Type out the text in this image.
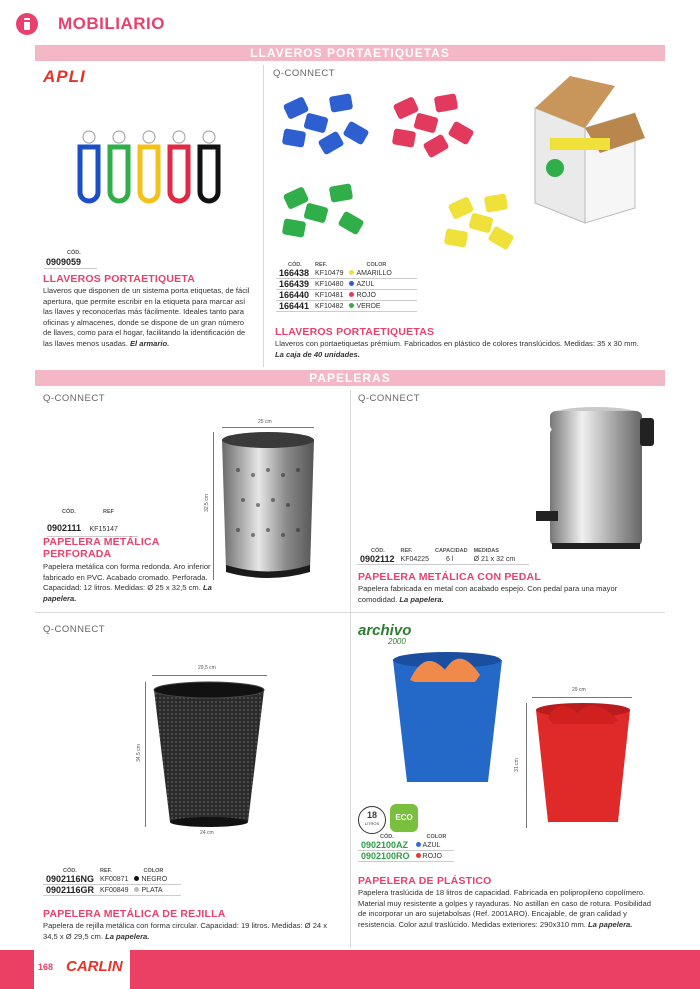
MOBILIARIO
LLAVEROS PORTAETIQUETAS
APLI
CÓD.
0909059
LLAVEROS PORTAETIQUETA
Llaveros que disponen de un sistema porta etiquetas, de fácil apertura, que permite escribir en la etiqueta para marcar así las llaves y reconocerlas más fácilmente. Ideales tanto para oficinas y almacenes, donde se dispone de un gran número de llaves, como para el hogar, facilitando la identificación de las llaves menos usadas. El armario.
Q-CONNECT
CÓD.	REF.	COLOR
166438	KF10479	AMARILLO
166439	KF10480	AZUL
166440	KF10481	ROJO
166441	KF10482	VERDE
LLAVEROS PORTAETIQUETAS
Llaveros con portaetiquetas prémium. Fabricados en plástico de colores translúcidos. Medidas: 35 x 30 mm. La caja de 40 unidades.
PAPELERAS
Q-CONNECT
25 cm
32,5 cm
CÓD.	REF
0902111 KF15147
PAPELERA METÁLICA
PERFORADA
Papelera metálica con forma redonda. Aro inferior fabricado en PVC. Acabado cromado. Perforada. Capacidad: 12 litros. Medidas: Ø 25 x 32,5 cm. La papelera.
Q-CONNECT
CÓD.	REF.	CAPACIDAD	MEDIDAS
0902112	KF04225	6 l	Ø 21 x 32 cm
PAPELERA METÁLICA CON PEDAL
Papelera fabricada en metal con acabado espejo. Con pedal para una mayor comodidad. La papelera.
Q-CONNECT
29,5 cm
34,5 cm
24 cm
CÓD.	REF.	COLOR
0902116NG	KF00871	NEGRO
0902116GR	KF00849	PLATA
PAPELERA METÁLICA DE REJILLA
Papelera de rejilla metálica con forma circular. Capacidad: 19 litros. Medidas: Ø 24 x 34,5 x Ø 29,5 cm. La papelera.
archivo
2000
29 cm
31 cm
18
LITROS
ECO
CÓD.	COLOR
0902100AZ	AZUL
0902100RO	ROJO
PAPELERA DE PLÁSTICO
Papelera traslúcida de 18 litros de capacidad. Fabricada en polipropileno copolímero. Material muy resistente a golpes y rayaduras. No astillan en caso de rotura. Posibilidad de incorporar un aro sujetabolsas (Ref. 2001ARO). Encajable, de gran calidad y resistencia. Color azul traslúcido. Medidas exteriores: 290x310 mm. La papelera.
168 CARLIN
